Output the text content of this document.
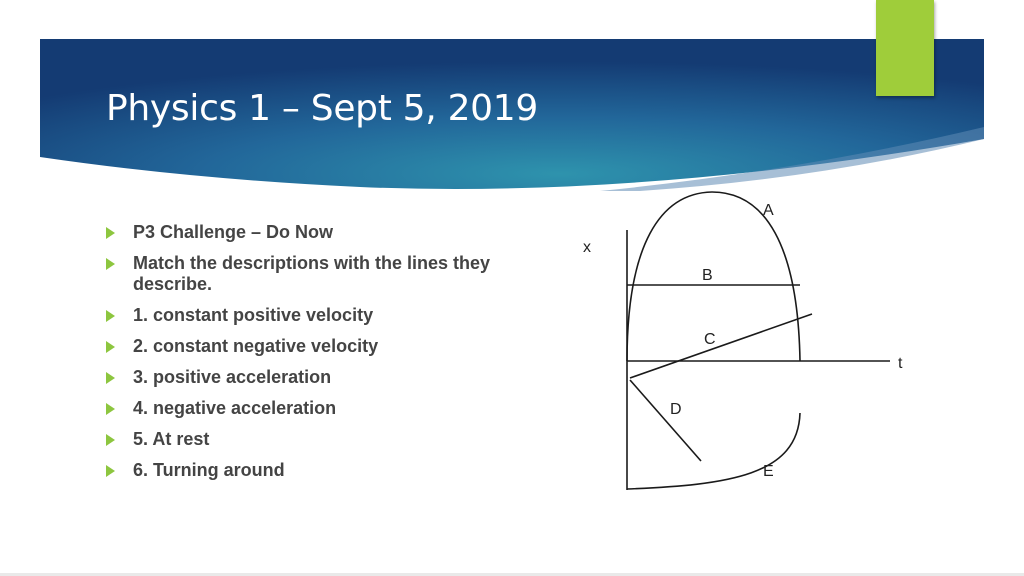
Physics 1 – Sept 5, 2019
P3 Challenge – Do Now
Match the descriptions with the lines they describe.
1. constant positive velocity
2. constant negative velocity
3. positive acceleration
4. negative acceleration
5. At rest
6. Turning around
x
t
A
B
C
D
E
